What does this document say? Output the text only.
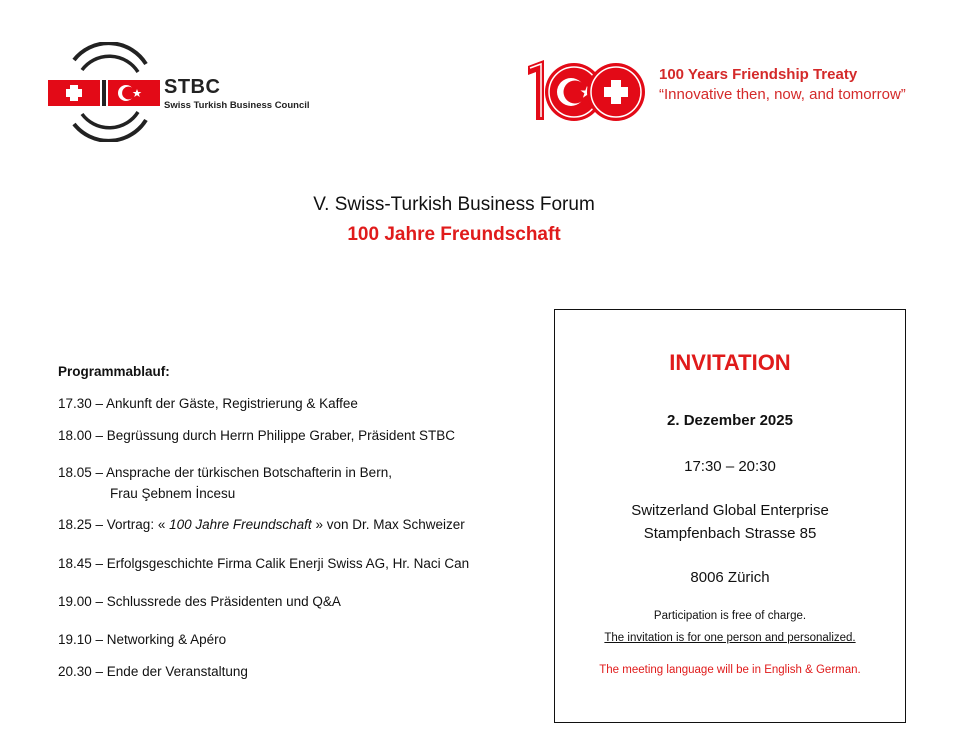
STBC
Swiss Turkish Business Council
100 Years Friendship Treaty
“Innovative then, now, and tomorrow”
V. Swiss-Turkish Business Forum
100 Jahre Freundschaft
Programmablauf:
17.30 – Ankunft der Gäste, Registrierung & Kaffee
18.00 – Begrüssung durch Herrn Philippe Graber, Präsident STBC
18.05 – Ansprache der türkischen Botschafterin in Bern,
Frau Şebnem İncesu
18.25 – Vortrag: « 100 Jahre Freundschaft » von Dr. Max Schweizer
18.45 – Erfolgsgeschichte Firma Calik Enerji Swiss AG, Hr. Naci Can
19.00 – Schlussrede des Präsidenten und Q&A
19.10 – Networking & Apéro
20.30 – Ende der Veranstaltung
INVITATION
2. Dezember 2025
17:30 – 20:30
Switzerland Global Enterprise
Stampfenbach Strasse 85
8006 Zürich
Participation is free of charge.
The invitation is for one person and personalized.
The meeting language will be in English & German.
